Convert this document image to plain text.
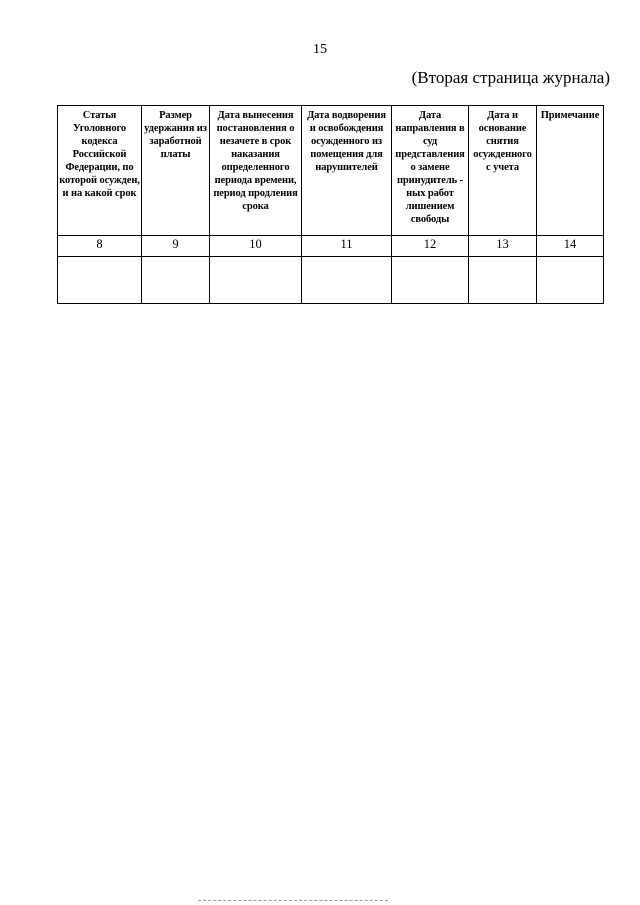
15
(Вторая страница журнала)
Статья Уголовного кодекса Российской Федерации, по которой осужден, и на какой срок	Размер удержания из заработной платы	Дата вынесения постановления о незачете в срок наказания определенного периода времени, период продления срока	Дата водворения и освобождения осужденного из помещения для нарушителей	Дата направления в суд представления о замене принудитель - ных работ лишением свободы	Дата и основание снятия осужденного с учета	Примечание
8	9	10	11	12	13	14
